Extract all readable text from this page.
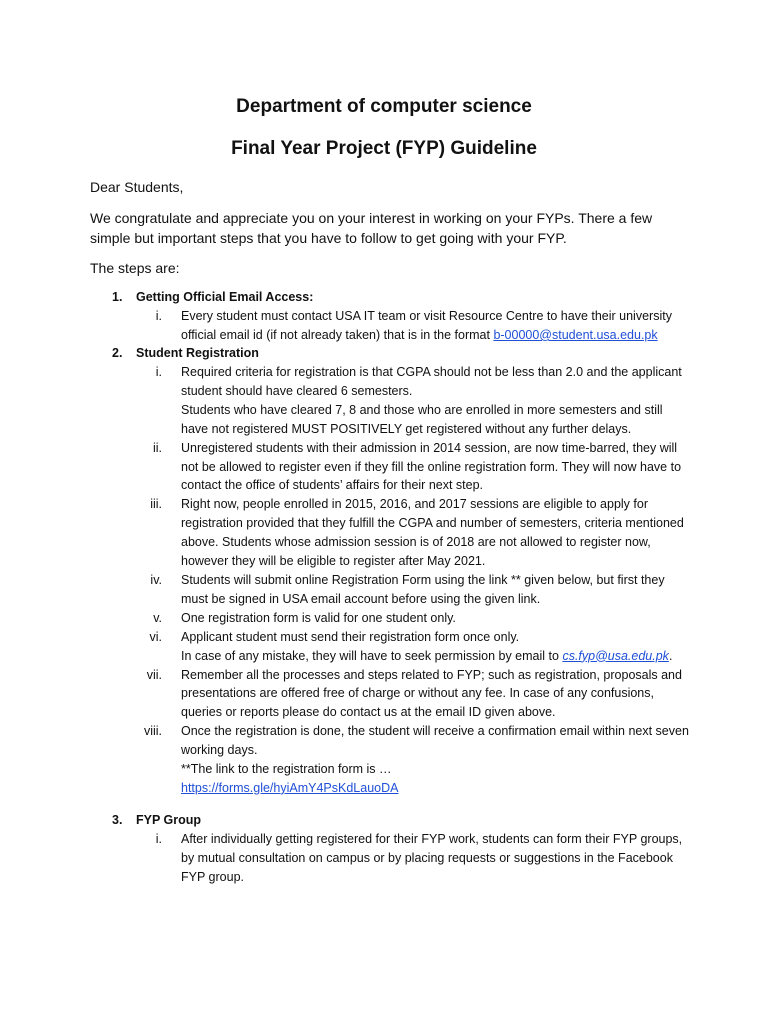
Department of computer science
Final Year Project (FYP) Guideline

Dear Students,

We congratulate and appreciate you on your interest in working on your FYPs. There a few simple but important steps that you have to follow to get going with your FYP.

The steps are:

1. Getting Official Email Access:
i. Every student must contact USA IT team or visit Resource Centre to have their university official email id (if not already taken) that is in the format b-00000@student.usa.edu.pk
2. Student Registration
i. Required criteria for registration is that CGPA should not be less than 2.0 and the applicant student should have cleared 6 semesters.
Students who have cleared 7, 8 and those who are enrolled in more semesters and still have not registered MUST POSITIVELY get registered without any further delays.
ii. Unregistered students with their admission in 2014 session, are now time-barred, they will not be allowed to register even if they fill the online registration form. They will now have to contact the office of students’ affairs for their next step.
iii. Right now, people enrolled in 2015, 2016, and 2017 sessions are eligible to apply for registration provided that they fulfill the CGPA and number of semesters, criteria mentioned above. Students whose admission session is of 2018 are not allowed to register now, however they will be eligible to register after May 2021.
iv. Students will submit online Registration Form using the link ** given below, but first they must be signed in USA email account before using the given link.
v. One registration form is valid for one student only.
vi. Applicant student must send their registration form once only.
In case of any mistake, they will have to seek permission by email to cs.fyp@usa.edu.pk.
vii. Remember all the processes and steps related to FYP; such as registration, proposals and presentations are offered free of charge or without any fee. In case of any confusions, queries or reports please do contact us at the email ID given above.
viii. Once the registration is done, the student will receive a confirmation email within next seven working days.
**The link to the registration form is …
https://forms.gle/hyiAmY4PsKdLauoDA
3. FYP Group
i. After individually getting registered for their FYP work, students can form their FYP groups, by mutual consultation on campus or by placing requests or suggestions in the Facebook FYP group.
